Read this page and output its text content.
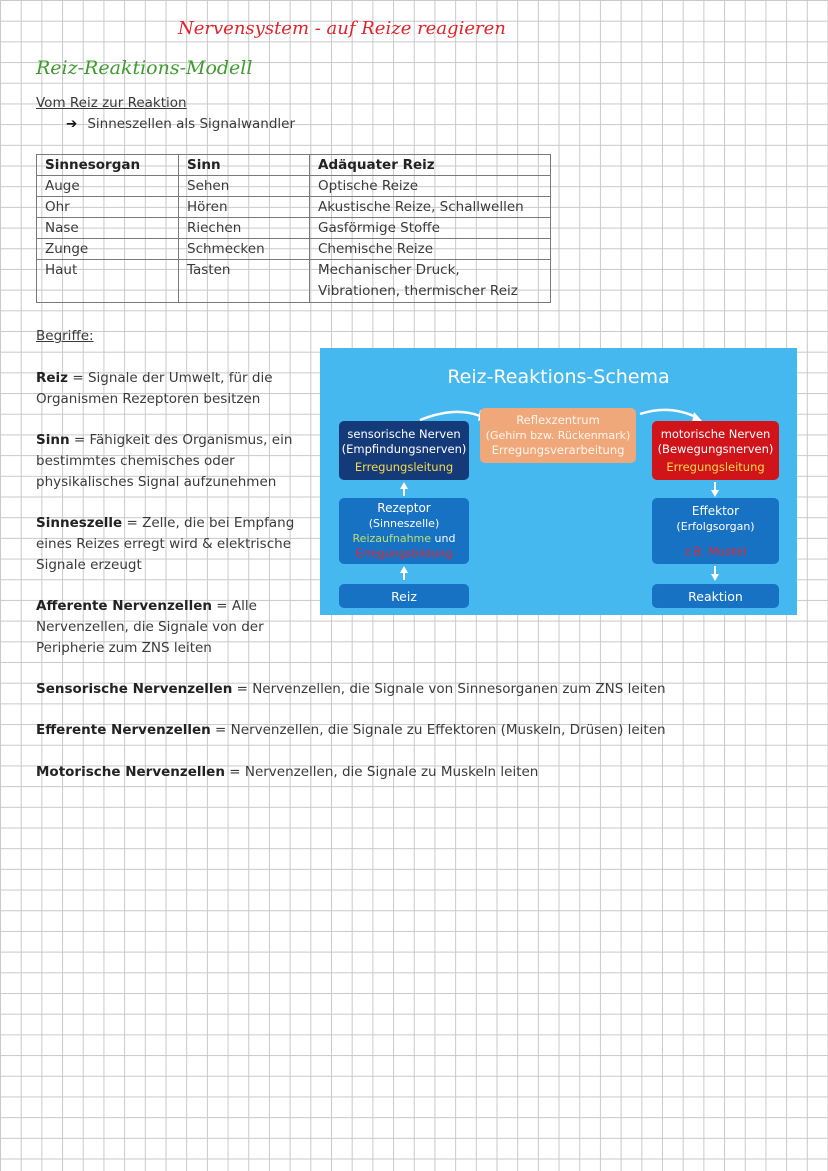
Nervensystem - auf Reize reagieren
Reiz-Reaktions-Modell
Vom Reiz zur Reaktion
➔ Sinneszellen als Signalwandler
Sinnesorgan	Sinn	Adäquater Reiz
Auge	Sehen	Optische Reize
Ohr	Hören	Akustische Reize, Schallwellen
Nase	Riechen	Gasförmige Stoffe
Zunge	Schmecken	Chemische Reize
Haut	Tasten	Mechanischer Druck, Vibrationen, thermischer Reiz
Begriffe:
Reiz = Signale der Umwelt, für die Organismen Rezeptoren besitzen
Sinn = Fähigkeit des Organismus, ein bestimmtes chemisches oder physikalisches Signal aufzunehmen
Sinneszelle = Zelle, die bei Empfang eines Reizes erregt wird & elektrische Signale erzeugt
Afferente Nervenzellen = Alle Nervenzellen, die Signale von der Peripherie zum ZNS leiten
Sensorische Nervenzellen = Nervenzellen, die Signale von Sinnesorganen zum ZNS leiten
Efferente Nervenzellen = Nervenzellen, die Signale zu Effektoren (Muskeln, Drüsen) leiten
Motorische Nervenzellen = Nervenzellen, die Signale zu Muskeln leiten
Reiz-Reaktions-Schema
sensorische Nerven
(Empfindungsnerven)
Erregungsleitung
Reflexzentrum
(Gehirn bzw. Rückenmark)
Erregungsverarbeitung
motorische Nerven
(Bewegungsnerven)
Erregungsleitung
Rezeptor
(Sinneszelle)
Reizaufnahme und
Erregungsbildung
Reiz
Effektor
(Erfolgsorgan)
z.B. Muskel
Reaktion
